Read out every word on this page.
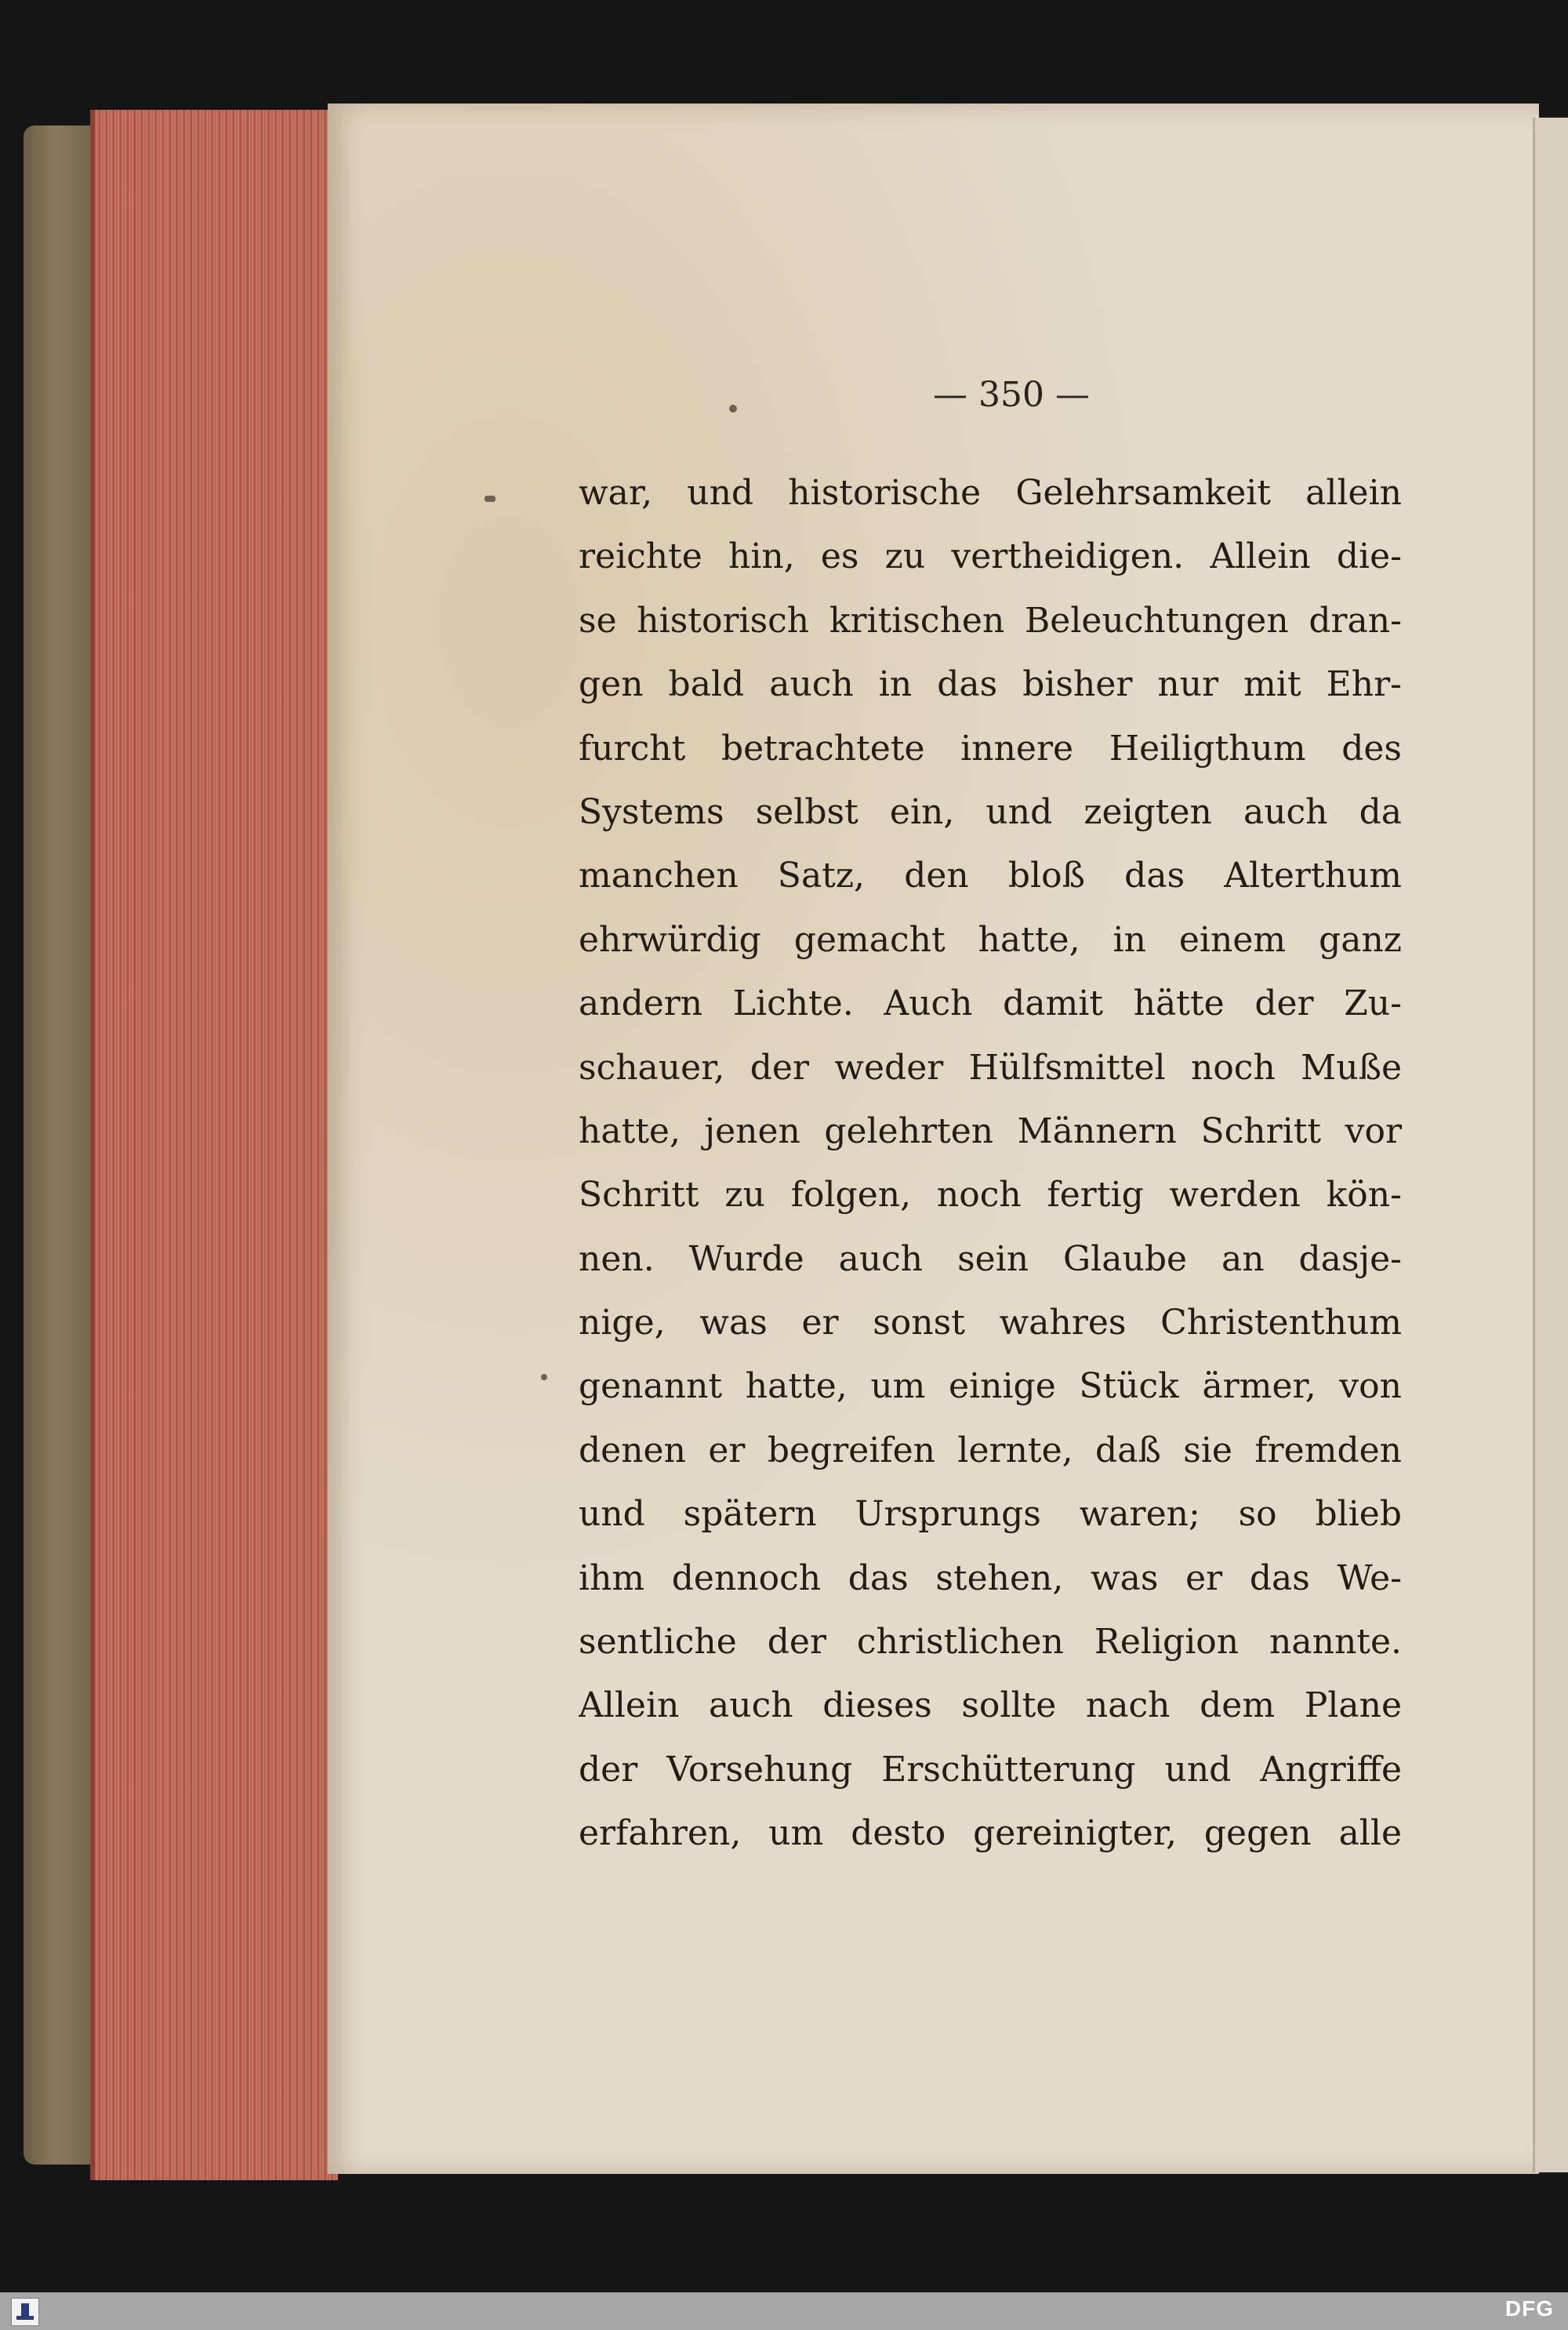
— 350 —
war, und historische Gelehrsamkeit allein
reichte hin, es zu vertheidigen. Allein die-
se historisch kritischen Beleuchtungen dran-
gen bald auch in das bisher nur mit Ehr-
furcht betrachtete innere Heiligthum des
Systems selbst ein, und zeigten auch da
manchen Satz, den bloß das Alterthum
ehrwürdig gemacht hatte, in einem ganz
andern Lichte. Auch damit hätte der Zu-
schauer, der weder Hülfsmittel noch Muße
hatte, jenen gelehrten Männern Schritt vor
Schritt zu folgen, noch fertig werden kön-
nen. Wurde auch sein Glaube an dasje-
nige, was er sonst wahres Christenthum
genannt hatte, um einige Stück ärmer, von
denen er begreifen lernte, daß sie fremden
und spätern Ursprungs waren; so blieb
ihm dennoch das stehen, was er das We-
sentliche der christlichen Religion nannte.
Allein auch dieses sollte nach dem Plane
der Vorsehung Erschütterung und Angriffe
erfahren, um desto gereinigter, gegen alle
DFG
